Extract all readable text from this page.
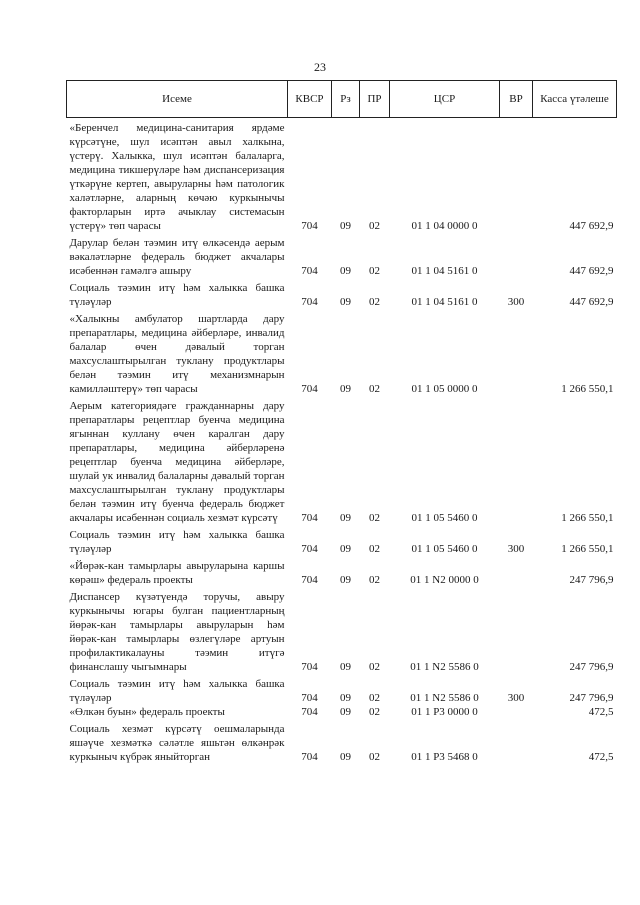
23
Исеме	КВСР	Рз	ПР	ЦСР	ВР	Касса үтәлеше
«Беренчел медицина-санитария ярдәме күрсәтүне, шул исәптән авыл халкына, үстерү. Халыкка, шул исәптән балаларга, медицина тикшерүләре һәм диспансеризация үткәрүне кертеп, авыруларны һәм патологик халәтләрне, аларның көчәю куркынычы факторларын иртә ачыклау системасын үстерү» төп чарасы	704	09	02	01 1 04 0000 0		447 692,9
Дарулар белән тәэмин итү өлкәсендә аерым вәкаләтләрне федераль бюджет акчалары исәбеннән гамәлгә ашыру	704	09	02	01 1 04 5161 0		447 692,9
Социаль тәэмин итү һәм халыкка башка түләүләр	704	09	02	01 1 04 5161 0	300	447 692,9
«Халыкны амбулатор шартларда дару препаратлары, медицина әйберләре, инвалид балалар өчен дәвалый торган махсуслаштырылган туклану продуктлары белән тәэмин итү механизмнарын камилләштерү» төп чарасы	704	09	02	01 1 05 0000 0		1 266 550,1
Аерым категориядәге гражданнарны дару препаратлары рецептлар буенча медицина ягыннан куллану өчен каралган дару препаратлары, медицина әйберләренә рецептлар буенча медицина әйберләре, шулай ук инвалид балаларны дәвалый торган махсуслаштырылган туклану продуктлары белән тәэмин итү буенча федераль бюджет акчалары исәбеннән социаль хезмәт күрсәтү	704	09	02	01 1 05 5460 0		1 266 550,1
Социаль тәэмин итү һәм халыкка башка түләүләр	704	09	02	01 1 05 5460 0	300	1 266 550,1
«Йөрәк-кан тамырлары авыруларына каршы көрәш» федераль проекты	704	09	02	01 1 N2 0000 0		247 796,9
Диспансер күзәтүендә торучы, авыру куркынычы югары булган пациентларның йөрәк-кан тамырлары авыруларын һәм йөрәк-кан тамырлары өзлегүләре артуын профилактикалауны тәэмин итүгә финанслашу чыгымнары	704	09	02	01 1 N2 5586 0		247 796,9
Социаль тәэмин итү һәм халыкка башка түләүләр	704	09	02	01 1 N2 5586 0	300	247 796,9
«Өлкән буын» федераль проекты	704	09	02	01 1 P3 0000 0		472,5
Социаль хезмәт күрсәтү оешмаларында яшәүче хезмәткә сәләтле яшьтән өлкәнрәк куркыныч күбрәк яныйторган	704	09	02	01 1 P3 5468 0		472,5
